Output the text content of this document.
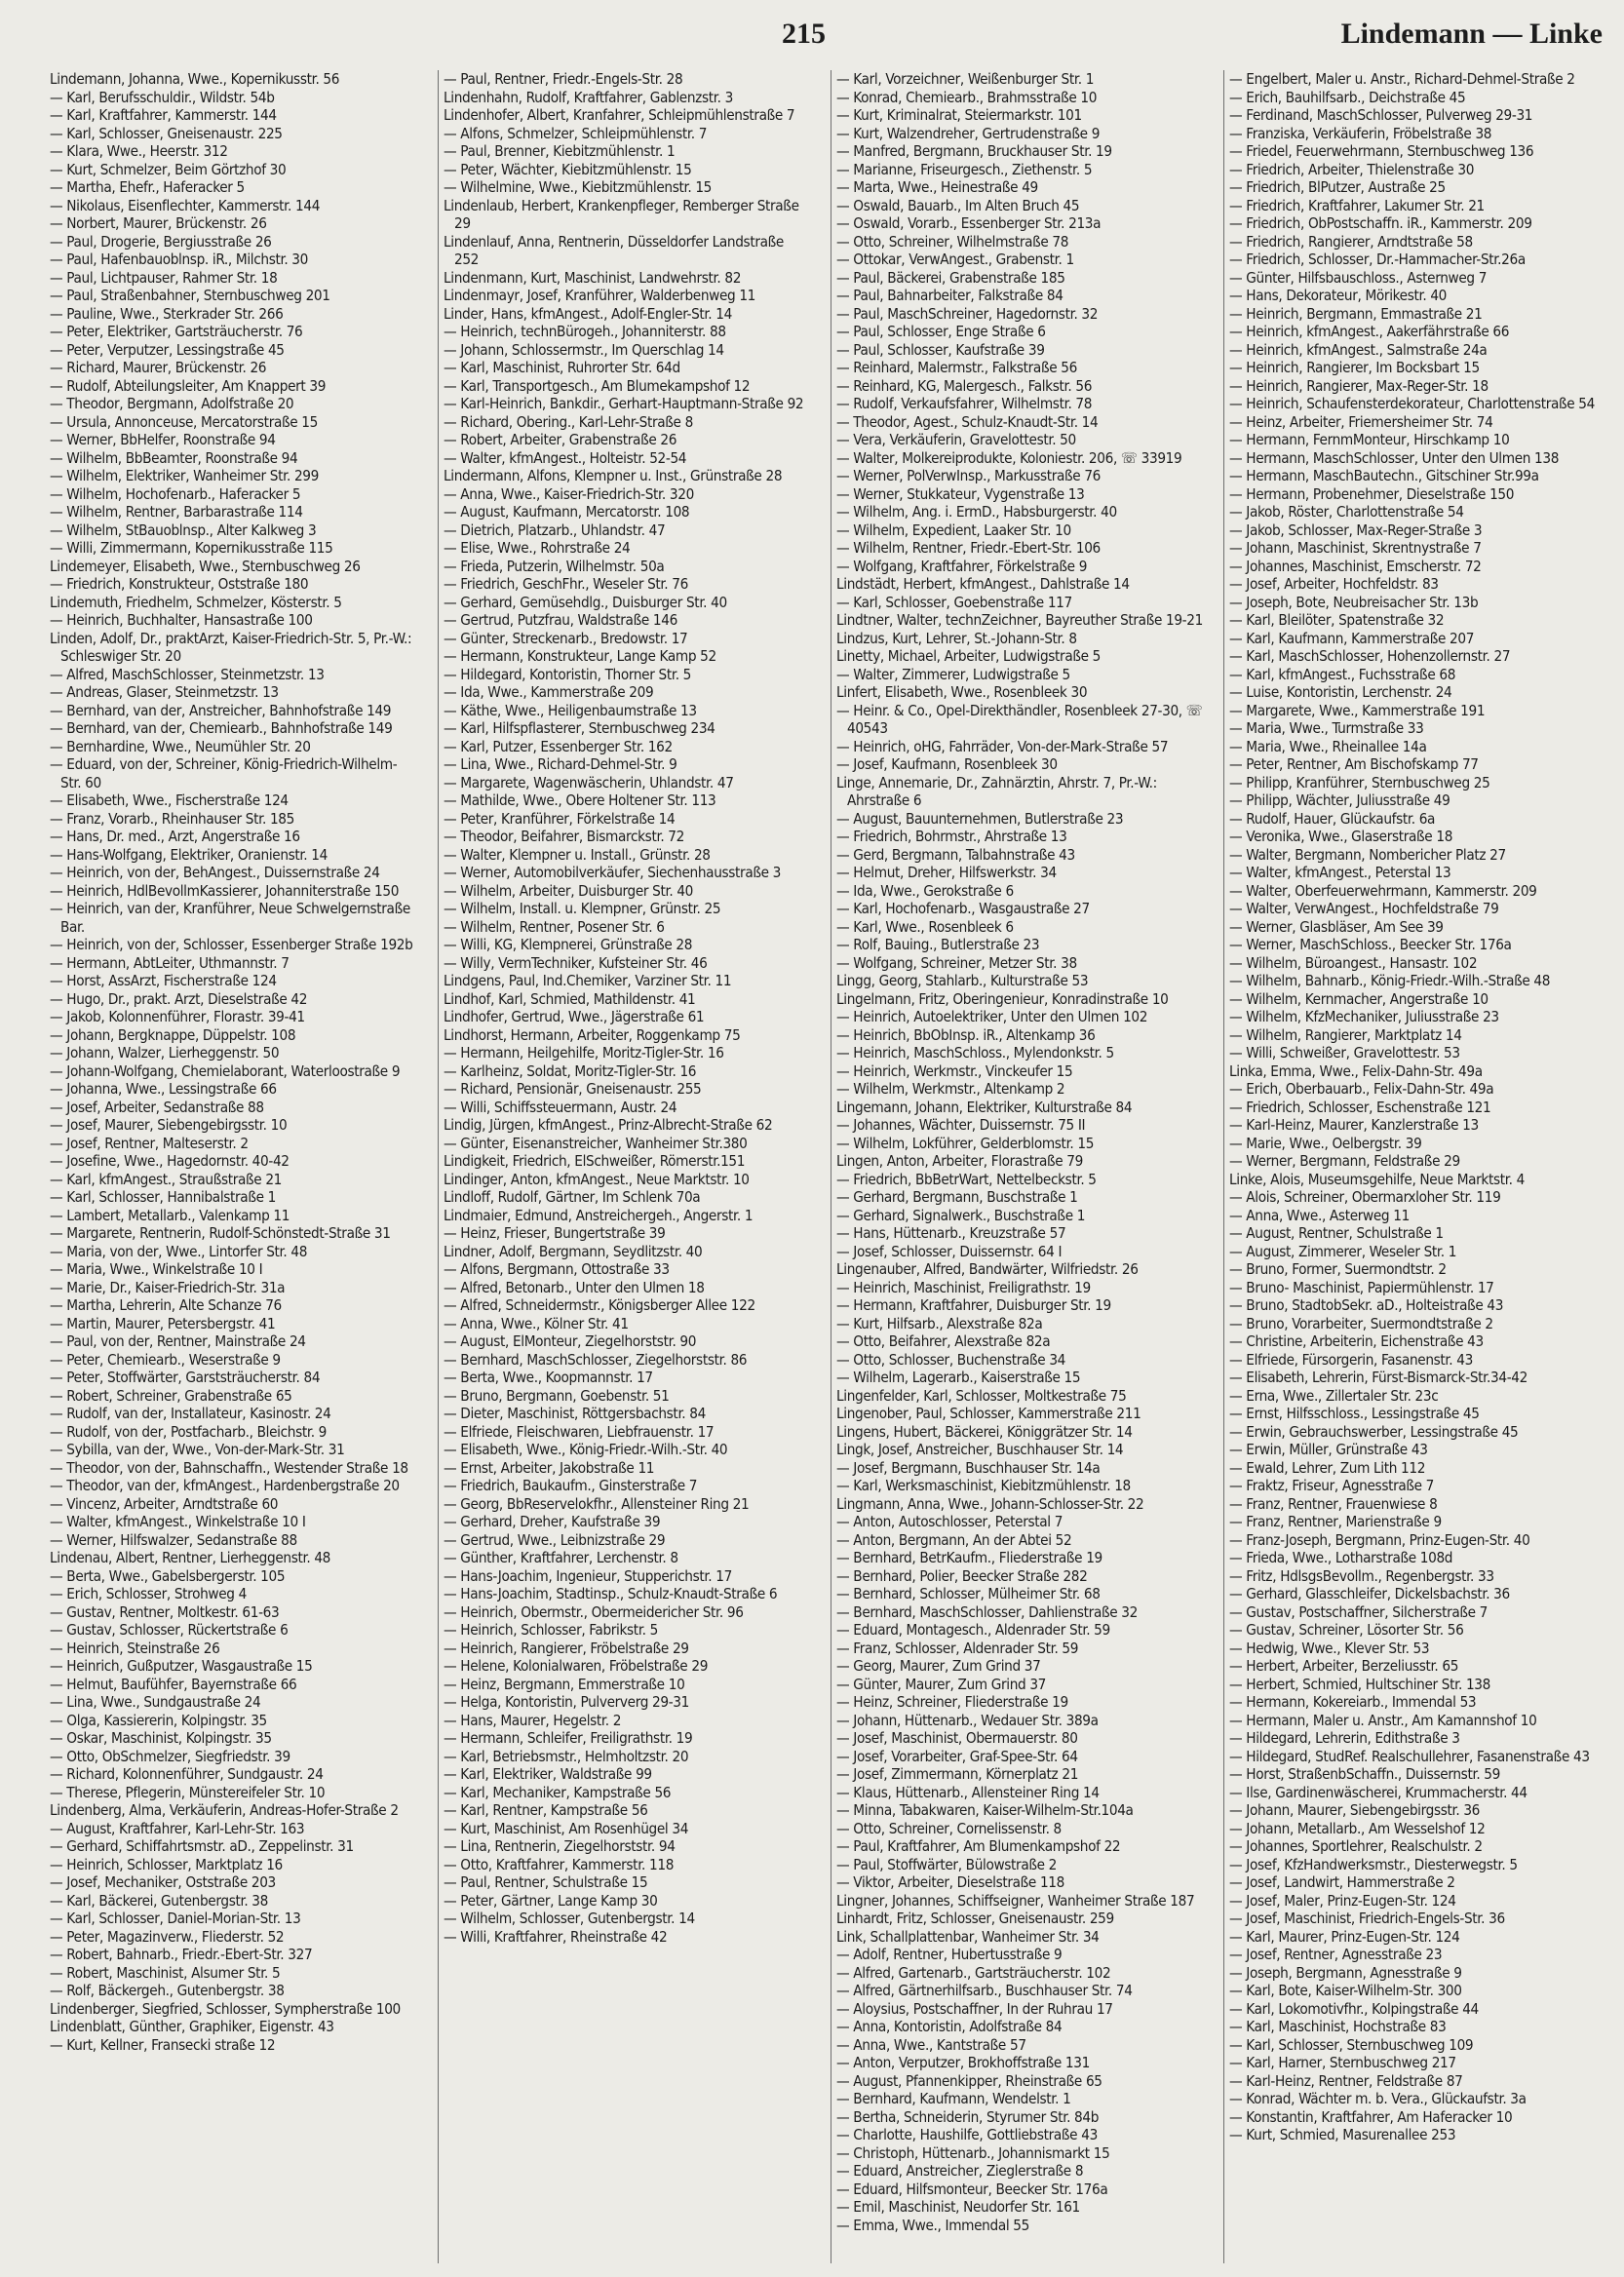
215	Lindemann — Linke
Lindemann, Johanna, Wwe., Kopernikusstr. 56
— Karl, Berufsschuldir., Wildstr. 54b
— Karl, Kraftfahrer, Kammerstr. 144
— Karl, Schlosser, Gneisenaustr. 225
— Klara, Wwe., Heerstr. 312
— Kurt, Schmelzer, Beim Görtzhof 30
— Martha, Ehefr., Haferacker 5
— Nikolaus, Eisenflechter, Kammerstr. 144
— Norbert, Maurer, Brückenstr. 26
— Paul, Drogerie, Bergiusstraße 26
— Paul, Hafenbauoblnsp. iR., Milchstr. 30
— Paul, Lichtpauser, Rahmer Str. 18
— Paul, Straßenbahner, Sternbuschweg 201
— Pauline, Wwe., Sterkrader Str. 266
— Peter, Elektriker, Gartsträucherstr. 76
— Peter, Verputzer, Lessingstraße 45
— Richard, Maurer, Brückenstr. 26
— Rudolf, Abteilungsleiter, Am Knappert 39
— Theodor, Bergmann, Adolfstraße 20
— Ursula, Annonceuse, Mercatorstraße 15
— Werner, BbHelfer, Roonstraße 94
— Wilhelm, BbBeamter, Roonstraße 94
— Wilhelm, Elektriker, Wanheimer Str. 299
— Wilhelm, Hochofenarb., Haferacker 5
— Wilhelm, Rentner, Barbarastraße 114
— Wilhelm, StBauoblnsp., Alter Kalkweg 3
— Willi, Zimmermann, Kopernikusstraße 115
Lindemeyer, Elisabeth, Wwe., Sternbuschweg 26
— Friedrich, Konstrukteur, Oststraße 180
Lindemuth, Friedhelm, Schmelzer, Kösterstr. 5
— Heinrich, Buchhalter, Hansastraße 100
Linden, Adolf, Dr., praktArzt, Kaiser-Friedrich-Str. 5, Pr.-W.: Schleswiger Str. 20
— Alfred, MaschSchlosser, Steinmetzstr. 13
— Andreas, Glaser, Steinmetzstr. 13
— Bernhard, van der, Anstreicher, Bahnhofstraße 149
— Bernhard, van der, Chemiearb., Bahnhofstraße 149
— Bernhardine, Wwe., Neumühler Str. 20
— Eduard, von der, Schreiner, König-Friedrich-Wilhelm-Str. 60
— Elisabeth, Wwe., Fischerstraße 124
— Franz, Vorarb., Rheinhauser Str. 185
— Hans, Dr. med., Arzt, Angerstraße 16
— Hans-Wolfgang, Elektriker, Oranienstr. 14
— Heinrich, von der, BehAngest., Duissernstraße 24
— Heinrich, HdlBevollmKassierer, Johanniterstraße 150
— Heinrich, van der, Kranführer, Neue Schwelgernstraße Bar.
— Heinrich, von der, Schlosser, Essenberger Straße 192b
— Hermann, AbtLeiter, Uthmannstr. 7
— Horst, AssArzt, Fischerstraße 124
— Hugo, Dr., prakt. Arzt, Dieselstraße 42
— Jakob, Kolonnenführer, Florastr. 39-41
— Johann, Bergknappe, Düppelstr. 108
— Johann, Walzer, Lierheggenstr. 50
— Johann-Wolfgang, Chemielaborant, Waterloostraße 9
— Johanna, Wwe., Lessingstraße 66
— Josef, Arbeiter, Sedanstraße 88
— Josef, Maurer, Siebengebirgsstr. 10
— Josef, Rentner, Malteserstr. 2
— Josefine, Wwe., Hagedornstr. 40-42
— Karl, kfmAngest., Straußstraße 21
— Karl, Schlosser, Hannibalstraße 1
— Lambert, Metallarb., Valenkamp 11
— Margarete, Rentnerin, Rudolf-Schönstedt-Straße 31
— Maria, von der, Wwe., Lintorfer Str. 48
— Maria, Wwe., Winkelstraße 10 I
— Marie, Dr., Kaiser-Friedrich-Str. 31a
— Martha, Lehrerin, Alte Schanze 76
— Martin, Maurer, Petersbergstr. 41
— Paul, von der, Rentner, Mainstraße 24
— Peter, Chemiearb., Weserstraße 9
— Peter, Stoffwärter, Garststräucherstr. 84
— Robert, Schreiner, Grabenstraße 65
— Rudolf, van der, Installateur, Kasinostr. 24
— Rudolf, von der, Postfacharb., Bleichstr. 9
— Sybilla, van der, Wwe., Von-der-Mark-Str. 31
— Theodor, von der, Bahnschaffn., Westender Straße 18
— Theodor, van der, kfmAngest., Hardenbergstraße 20
— Vincenz, Arbeiter, Arndtstraße 60
— Walter, kfmAngest., Winkelstraße 10 I
— Werner, Hilfswalzer, Sedanstraße 88
Lindenau, Albert, Rentner, Lierheggenstr. 48
— Berta, Wwe., Gabelsbergerstr. 105
— Erich, Schlosser, Strohweg 4
— Gustav, Rentner, Moltkestr. 61-63
— Gustav, Schlosser, Rückertstraße 6
— Heinrich, Steinstraße 26
— Heinrich, Gußputzer, Wasgaustraße 15
— Helmut, Baufühfer, Bayernstraße 66
— Lina, Wwe., Sundgaustraße 24
— Olga, Kassiererin, Kolpingstr. 35
— Oskar, Maschinist, Kolpingstr. 35
— Otto, ObSchmelzer, Siegfriedstr. 39
— Richard, Kolonnenführer, Sundgaustr. 24
— Therese, Pflegerin, Münstereifeler Str. 10
Lindenberg, Alma, Verkäuferin, Andreas-Hofer-Straße 2
— August, Kraftfahrer, Karl-Lehr-Str. 163
— Gerhard, Schiffahrtsmstr. aD., Zeppelinstr. 31
— Heinrich, Schlosser, Marktplatz 16
— Josef, Mechaniker, Oststraße 203
— Karl, Bäckerei, Gutenbergstr. 38
— Karl, Schlosser, Daniel-Morian-Str. 13
— Peter, Magazinverw., Fliederstr. 52
— Robert, Bahnarb., Friedr.-Ebert-Str. 327
— Robert, Maschinist, Alsumer Str. 5
— Rolf, Bäckergeh., Gutenbergstr. 38
Lindenberger, Siegfried, Schlosser, Sympherstraße 100
Lindenblatt, Günther, Graphiker, Eigenstr. 43
— Kurt, Kellner, Fransecki straße 12
— Paul, Rentner, Friedr.-Engels-Str. 28
Lindenhahn, Rudolf, Kraftfahrer, Gablenzstr. 3
Lindenhofer, Albert, Kranfahrer, Schleipmühlenstraße 7
— Alfons, Schmelzer, Schleipmühlenstr. 7
— Paul, Brenner, Kiebitzmühlenstr. 1
— Peter, Wächter, Kiebitzmühlenstr. 15
— Wilhelmine, Wwe., Kiebitzmühlenstr. 15
Lindenlaub, Herbert, Krankenpfleger, Remberger Straße 29
Lindenlauf, Anna, Rentnerin, Düsseldorfer Landstraße 252
Lindenmann, Kurt, Maschinist, Landwehrstr. 82
Lindenmayr, Josef, Kranführer, Walderbenweg 11
Linder, Hans, kfmAngest., Adolf-Engler-Str. 14
— Heinrich, technBürogeh., Johanniterstr. 88
— Johann, Schlossermstr., Im Querschlag 14
— Karl, Maschinist, Ruhrorter Str. 64d
— Karl, Transportgesch., Am Blumekampshof 12
— Karl-Heinrich, Bankdir., Gerhart-Hauptmann-Straße 92
— Richard, Obering., Karl-Lehr-Straße 8
— Robert, Arbeiter, Grabenstraße 26
— Walter, kfmAngest., Holteistr. 52-54
Lindermann, Alfons, Klempner u. Inst., Grünstraße 28
— Anna, Wwe., Kaiser-Friedrich-Str. 320
— August, Kaufmann, Mercatorstr. 108
— Dietrich, Platzarb., Uhlandstr. 47
— Elise, Wwe., Rohrstraße 24
— Frieda, Putzerin, Wilhelmstr. 50a
— Friedrich, GeschFhr., Weseler Str. 76
— Gerhard, Gemüsehdlg., Duisburger Str. 40
— Gertrud, Putzfrau, Waldstraße 146
— Günter, Streckenarb., Bredowstr. 17
— Hermann, Konstrukteur, Lange Kamp 52
— Hildegard, Kontoristin, Thorner Str. 5
— Ida, Wwe., Kammerstraße 209
— Käthe, Wwe., Heiligenbaumstraße 13
— Karl, Hilfspflasterer, Sternbuschweg 234
— Karl, Putzer, Essenberger Str. 162
— Lina, Wwe., Richard-Dehmel-Str. 9
— Margarete, Wagenwäscherin, Uhlandstr. 47
— Mathilde, Wwe., Obere Holtener Str. 113
— Peter, Kranführer, Förkelstraße 14
— Theodor, Beifahrer, Bismarckstr. 72
— Walter, Klempner u. Install., Grünstr. 28
— Werner, Automobilverkäufer, Siechenhausstraße 3
— Wilhelm, Arbeiter, Duisburger Str. 40
— Wilhelm, Install. u. Klempner, Grünstr. 25
— Wilhelm, Rentner, Posener Str. 6
— Willi, KG, Klempnerei, Grünstraße 28
— Willy, VermTechniker, Kufsteiner Str. 46
Lindgens, Paul, Ind.Chemiker, Varziner Str. 11
Lindhof, Karl, Schmied, Mathildenstr. 41
Lindhofer, Gertrud, Wwe., Jägerstraße 61
Lindhorst, Hermann, Arbeiter, Roggenkamp 75
— Hermann, Heilgehilfe, Moritz-Tigler-Str. 16
— Karlheinz, Soldat, Moritz-Tigler-Str. 16
— Richard, Pensionär, Gneisenaustr. 255
— Willi, Schiffssteuermann, Austr. 24
Lindig, Jürgen, kfmAngest., Prinz-Albrecht-Straße 62
— Günter, Eisenanstreicher, Wanheimer Str.380
Lindigkeit, Friedrich, ElSchweißer, Römerstr.151
Lindinger, Anton, kfmAngest., Neue Marktstr. 10
Lindloff, Rudolf, Gärtner, Im Schlenk 70a
Lindmaier, Edmund, Anstreichergeh., Angerstr. 1
— Heinz, Frieser, Bungertstraße 39
Lindner, Adolf, Bergmann, Seydlitzstr. 40
— Alfons, Bergmann, Ottostraße 33
— Alfred, Betonarb., Unter den Ulmen 18
— Alfred, Schneidermstr., Königsberger Allee 122
— Anna, Wwe., Kölner Str. 41
— August, ElMonteur, Ziegelhorststr. 90
— Bernhard, MaschSchlosser, Ziegelhorststr. 86
— Berta, Wwe., Koopmannstr. 17
— Bruno, Bergmann, Goebenstr. 51
— Dieter, Maschinist, Röttgersbachstr. 84
— Elfriede, Fleischwaren, Liebfrauenstr. 17
— Elisabeth, Wwe., König-Friedr.-Wilh.-Str. 40
— Ernst, Arbeiter, Jakobstraße 11
— Friedrich, Baukaufm., Ginsterstraße 7
— Georg, BbReservelokfhr., Allensteiner Ring 21
— Gerhard, Dreher, Kaufstraße 39
— Gertrud, Wwe., Leibnizstraße 29
— Günther, Kraftfahrer, Lerchenstr. 8
— Hans-Joachim, Ingenieur, Stupperichstr. 17
— Hans-Joachim, Stadtinsp., Schulz-Knaudt-Straße 6
— Heinrich, Obermstr., Obermeidericher Str. 96
— Heinrich, Schlosser, Fabrikstr. 5
— Heinrich, Rangierer, Fröbelstraße 29
— Helene, Kolonialwaren, Fröbelstraße 29
— Heinz, Bergmann, Emmerstraße 10
— Helga, Kontoristin, Pulververg 29-31
— Hans, Maurer, Hegelstr. 2
— Hermann, Schleifer, Freiligrathstr. 19
— Karl, Betriebsmstr., Helmholtzstr. 20
— Karl, Elektriker, Waldstraße 99
— Karl, Mechaniker, Kampstraße 56
— Karl, Rentner, Kampstraße 56
— Kurt, Maschinist, Am Rosenhügel 34
— Lina, Rentnerin, Ziegelhorststr. 94
— Otto, Kraftfahrer, Kammerstr. 118
— Paul, Rentner, Schulstraße 15
— Peter, Gärtner, Lange Kamp 30
— Wilhelm, Schlosser, Gutenbergstr. 14
— Willi, Kraftfahrer, Rheinstraße 42
— Karl, Vorzeichner, Weißenburger Str. 1
— Konrad, Chemiearb., Brahmsstraße 10
— Kurt, Kriminalrat, Steiermarkstr. 101
— Kurt, Walzendreher, Gertrudenstraße 9
— Manfred, Bergmann, Bruckhauser Str. 19
— Marianne, Friseurgesch., Ziethenstr. 5
— Marta, Wwe., Heinestraße 49
— Oswald, Bauarb., Im Alten Bruch 45
— Oswald, Vorarb., Essenberger Str. 213a
— Otto, Schreiner, Wilhelmstraße 78
— Ottokar, VerwAngest., Grabenstr. 1
— Paul, Bäckerei, Grabenstraße 185
— Paul, Bahnarbeiter, Falkstraße 84
— Paul, MaschSchreiner, Hagedornstr. 32
— Paul, Schlosser, Enge Straße 6
— Paul, Schlosser, Kaufstraße 39
— Reinhard, Malermstr., Falkstraße 56
— Reinhard, KG, Malergesch., Falkstr. 56
— Rudolf, Verkaufsfahrer, Wilhelmstr. 78
— Theodor, Agest., Schulz-Knaudt-Str. 14
— Vera, Verkäuferin, Gravelottestr. 50
— Walter, Molkereiprodukte, Koloniestr. 206, ☏ 33919
— Werner, PolVerwInsp., Markusstraße 76
— Werner, Stukkateur, Vygenstraße 13
— Wilhelm, Ang. i. ErmD., Habsburgerstr. 40
— Wilhelm, Expedient, Laaker Str. 10
— Wilhelm, Rentner, Friedr.-Ebert-Str. 106
— Wolfgang, Kraftfahrer, Förkelstraße 9
Lindstädt, Herbert, kfmAngest., Dahlstraße 14
— Karl, Schlosser, Goebenstraße 117
Lindtner, Walter, technZeichner, Bayreuther Straße 19-21
Lindzus, Kurt, Lehrer, St.-Johann-Str. 8
Linetty, Michael, Arbeiter, Ludwigstraße 5
— Walter, Zimmerer, Ludwigstraße 5
Linfert, Elisabeth, Wwe., Rosenbleek 30
— Heinr. & Co., Opel-Direkthändler, Rosenbleek 27-30, ☏ 40543
— Heinrich, oHG, Fahrräder, Von-der-Mark-Straße 57
— Josef, Kaufmann, Rosenbleek 30
Linge, Annemarie, Dr., Zahnärztin, Ahrstr. 7, Pr.-W.: Ahrstraße 6
— August, Bauunternehmen, Butlerstraße 23
— Friedrich, Bohrmstr., Ahrstraße 13
— Gerd, Bergmann, Talbahnstraße 43
— Helmut, Dreher, Hilfswerkstr. 34
— Ida, Wwe., Gerokstraße 6
— Karl, Hochofenarb., Wasgaustraße 27
— Karl, Wwe., Rosenbleek 6
— Rolf, Bauing., Butlerstraße 23
— Wolfgang, Schreiner, Metzer Str. 38
Lingg, Georg, Stahlarb., Kulturstraße 53
Lingelmann, Fritz, Oberingenieur, Konradinstraße 10
— Heinrich, Autoelektriker, Unter den Ulmen 102
— Heinrich, BbObInsp. iR., Altenkamp 36
— Heinrich, MaschSchloss., Mylendonkstr. 5
— Heinrich, Werkmstr., Vinckeufer 15
— Wilhelm, Werkmstr., Altenkamp 2
Lingemann, Johann, Elektriker, Kulturstraße 84
— Johannes, Wächter, Duissernstr. 75 II
— Wilhelm, Lokführer, Gelderblomstr. 15
Lingen, Anton, Arbeiter, Florastraße 79
— Friedrich, BbBetrWart, Nettelbeckstr. 5
— Gerhard, Bergmann, Buschstraße 1
— Gerhard, Signalwerk., Buschstraße 1
— Hans, Hüttenarb., Kreuzstraße 57
— Josef, Schlosser, Duissernstr. 64 I
Lingenauber, Alfred, Bandwärter, Wilfriedstr. 26
— Heinrich, Maschinist, Freiligrathstr. 19
— Hermann, Kraftfahrer, Duisburger Str. 19
— Kurt, Hilfsarb., Alexstraße 82a
— Otto, Beifahrer, Alexstraße 82a
— Otto, Schlosser, Buchenstraße 34
— Wilhelm, Lagerarb., Kaiserstraße 15
Lingenfelder, Karl, Schlosser, Moltkestraße 75
Lingenober, Paul, Schlosser, Kammerstraße 211
Lingens, Hubert, Bäckerei, Königgrätzer Str. 14
Lingk, Josef, Anstreicher, Buschhauser Str. 14
— Josef, Bergmann, Buschhauser Str. 14a
— Karl, Werksmaschinist, Kiebitzmühlenstr. 18
Lingmann, Anna, Wwe., Johann-Schlosser-Str. 22
— Anton, Autoschlosser, Peterstal 7
— Anton, Bergmann, An der Abtei 52
— Bernhard, BetrKaufm., Fliederstraße 19
— Bernhard, Polier, Beecker Straße 282
— Bernhard, Schlosser, Mülheimer Str. 68
— Bernhard, MaschSchlosser, Dahlienstraße 32
— Eduard, Montagesch., Aldenrader Str. 59
— Franz, Schlosser, Aldenrader Str. 59
— Georg, Maurer, Zum Grind 37
— Günter, Maurer, Zum Grind 37
— Heinz, Schreiner, Fliederstraße 19
— Johann, Hüttenarb., Wedauer Str. 389a
— Josef, Maschinist, Obermauerstr. 80
— Josef, Vorarbeiter, Graf-Spee-Str. 64
— Josef, Zimmermann, Körnerplatz 21
— Klaus, Hüttenarb., Allensteiner Ring 14
— Minna, Tabakwaren, Kaiser-Wilhelm-Str.104a
— Otto, Schreiner, Cornelissenstr. 8
— Paul, Kraftfahrer, Am Blumenkampshof 22
— Paul, Stoffwärter, Bülowstraße 2
— Viktor, Arbeiter, Dieselstraße 118
Lingner, Johannes, Schiffseigner, Wanheimer Straße 187
Linhardt, Fritz, Schlosser, Gneisenaustr. 259
Link, Schallplattenbar, Wanheimer Str. 34
— Adolf, Rentner, Hubertusstraße 9
— Alfred, Gartenarb., Gartsträucherstr. 102
— Alfred, Gärtnerhilfsarb., Buschhauser Str. 74
— Aloysius, Postschaffner, In der Ruhrau 17
— Anna, Kontoristin, Adolfstraße 84
— Anna, Wwe., Kantstraße 57
— Anton, Verputzer, Brokhoffstraße 131
— August, Pfannenkipper, Rheinstraße 65
— Bernhard, Kaufmann, Wendelstr. 1
— Bertha, Schneiderin, Styrumer Str. 84b
— Charlotte, Haushilfe, Gottliebstraße 43
— Christoph, Hüttenarb., Johannismarkt 15
— Eduard, Anstreicher, Zieglerstraße 8
— Eduard, Hilfsmonteur, Beecker Str. 176a
— Emil, Maschinist, Neudorfer Str. 161
— Emma, Wwe., Immendal 55
— Engelbert, Maler u. Anstr., Richard-Dehmel-Straße 2
— Erich, Bauhilfsarb., Deichstraße 45
— Ferdinand, MaschSchlosser, Pulverweg 29-31
— Franziska, Verkäuferin, Fröbelstraße 38
— Friedel, Feuerwehrmann, Sternbuschweg 136
— Friedrich, Arbeiter, Thielenstraße 30
— Friedrich, BlPutzer, Austraße 25
— Friedrich, Kraftfahrer, Lakumer Str. 21
— Friedrich, ObPostschaffn. iR., Kammerstr. 209
— Friedrich, Rangierer, Arndtstraße 58
— Friedrich, Schlosser, Dr.-Hammacher-Str.26a
— Günter, Hilfsbauschloss., Asternweg 7
— Hans, Dekorateur, Mörikestr. 40
— Heinrich, Bergmann, Emmastraße 21
— Heinrich, kfmAngest., Aakerfährstraße 66
— Heinrich, kfmAngest., Salmstraße 24a
— Heinrich, Rangierer, Im Bocksbart 15
— Heinrich, Rangierer, Max-Reger-Str. 18
— Heinrich, Schaufensterdekorateur, Charlottenstraße 54
— Heinz, Arbeiter, Friemersheimer Str. 74
— Hermann, FernmMonteur, Hirschkamp 10
— Hermann, MaschSchlosser, Unter den Ulmen 138
— Hermann, MaschBautechn., Gitschiner Str.99a
— Hermann, Probenehmer, Dieselstraße 150
— Jakob, Röster, Charlottenstraße 54
— Jakob, Schlosser, Max-Reger-Straße 3
— Johann, Maschinist, Skrentnystraße 7
— Johannes, Maschinist, Emscherstr. 72
— Josef, Arbeiter, Hochfeldstr. 83
— Joseph, Bote, Neubreisacher Str. 13b
— Karl, Bleilöter, Spatenstraße 32
— Karl, Kaufmann, Kammerstraße 207
— Karl, MaschSchlosser, Hohenzollernstr. 27
— Karl, kfmAngest., Fuchsstraße 68
— Luise, Kontoristin, Lerchenstr. 24
— Margarete, Wwe., Kammerstraße 191
— Maria, Wwe., Turmstraße 33
— Maria, Wwe., Rheinallee 14a
— Peter, Rentner, Am Bischofskamp 77
— Philipp, Kranführer, Sternbuschweg 25
— Philipp, Wächter, Juliusstraße 49
— Rudolf, Hauer, Glückaufstr. 6a
— Veronika, Wwe., Glaserstraße 18
— Walter, Bergmann, Nombericher Platz 27
— Walter, kfmAngest., Peterstal 13
— Walter, Oberfeuerwehrmann, Kammerstr. 209
— Walter, VerwAngest., Hochfeldstraße 79
— Werner, Glasbläser, Am See 39
— Werner, MaschSchloss., Beecker Str. 176a
— Wilhelm, Büroangest., Hansastr. 102
— Wilhelm, Bahnarb., König-Friedr.-Wilh.-Straße 48
— Wilhelm, Kernmacher, Angerstraße 10
— Wilhelm, KfzMechaniker, Juliusstraße 23
— Wilhelm, Rangierer, Marktplatz 14
— Willi, Schweißer, Gravelottestr. 53
Linka, Emma, Wwe., Felix-Dahn-Str. 49a
— Erich, Oberbauarb., Felix-Dahn-Str. 49a
— Friedrich, Schlosser, Eschenstraße 121
— Karl-Heinz, Maurer, Kanzlerstraße 13
— Marie, Wwe., Oelbergstr. 39
— Werner, Bergmann, Feldstraße 29
Linke, Alois, Museumsgehilfe, Neue Marktstr. 4
— Alois, Schreiner, Obermarxloher Str. 119
— Anna, Wwe., Asterweg 11
— August, Rentner, Schulstraße 1
— August, Zimmerer, Weseler Str. 1
— Bruno, Former, Suermondtstr. 2
— Bruno- Maschinist, Papiermühlenstr. 17
— Bruno, StadtobSekr. aD., Holteistraße 43
— Bruno, Vorarbeiter, Suermondtstraße 2
— Christine, Arbeiterin, Eichenstraße 43
— Elfriede, Fürsorgerin, Fasanenstr. 43
— Elisabeth, Lehrerin, Fürst-Bismarck-Str.34-42
— Erna, Wwe., Zillertaler Str. 23c
— Ernst, Hilfsschloss., Lessingstraße 45
— Erwin, Gebrauchswerber, Lessingstraße 45
— Erwin, Müller, Grünstraße 43
— Ewald, Lehrer, Zum Lith 112
— Fraktz, Friseur, Agnesstraße 7
— Franz, Rentner, Frauenwiese 8
— Franz, Rentner, Marienstraße 9
— Franz-Joseph, Bergmann, Prinz-Eugen-Str. 40
— Frieda, Wwe., Lotharstraße 108d
— Fritz, HdlsgsBevollm., Regenbergstr. 33
— Gerhard, Glasschleifer, Dickelsbachstr. 36
— Gustav, Postschaffner, Silcherstraße 7
— Gustav, Schreiner, Lösorter Str. 56
— Hedwig, Wwe., Klever Str. 53
— Herbert, Arbeiter, Berzeliusstr. 65
— Herbert, Schmied, Hultschiner Str. 138
— Hermann, Kokereiarb., Immendal 53
— Hermann, Maler u. Anstr., Am Kamannshof 10
— Hildegard, Lehrerin, Edithstraße 3
— Hildegard, StudRef. Realschullehrer, Fasanenstraße 43
— Horst, StraßenbSchaffn., Duissernstr. 59
— Ilse, Gardinenwäscherei, Krummacherstr. 44
— Johann, Maurer, Siebengebirgsstr. 36
— Johann, Metallarb., Am Wesselshof 12
— Johannes, Sportlehrer, Realschulstr. 2
— Josef, KfzHandwerksmstr., Diesterwegstr. 5
— Josef, Landwirt, Hammerstraße 2
— Josef, Maler, Prinz-Eugen-Str. 124
— Josef, Maschinist, Friedrich-Engels-Str. 36
— Karl, Maurer, Prinz-Eugen-Str. 124
— Josef, Rentner, Agnesstraße 23
— Joseph, Bergmann, Agnesstraße 9
— Karl, Bote, Kaiser-Wilhelm-Str. 300
— Karl, Lokomotivfhr., Kolpingstraße 44
— Karl, Maschinist, Hochstraße 83
— Karl, Schlosser, Sternbuschweg 109
— Karl, Harner, Sternbuschweg 217
— Karl-Heinz, Rentner, Feldstraße 87
— Konrad, Wächter m. b. Vera., Glückaufstr. 3a
— Konstantin, Kraftfahrer, Am Haferacker 10
— Kurt, Schmied, Masurenallee 253
